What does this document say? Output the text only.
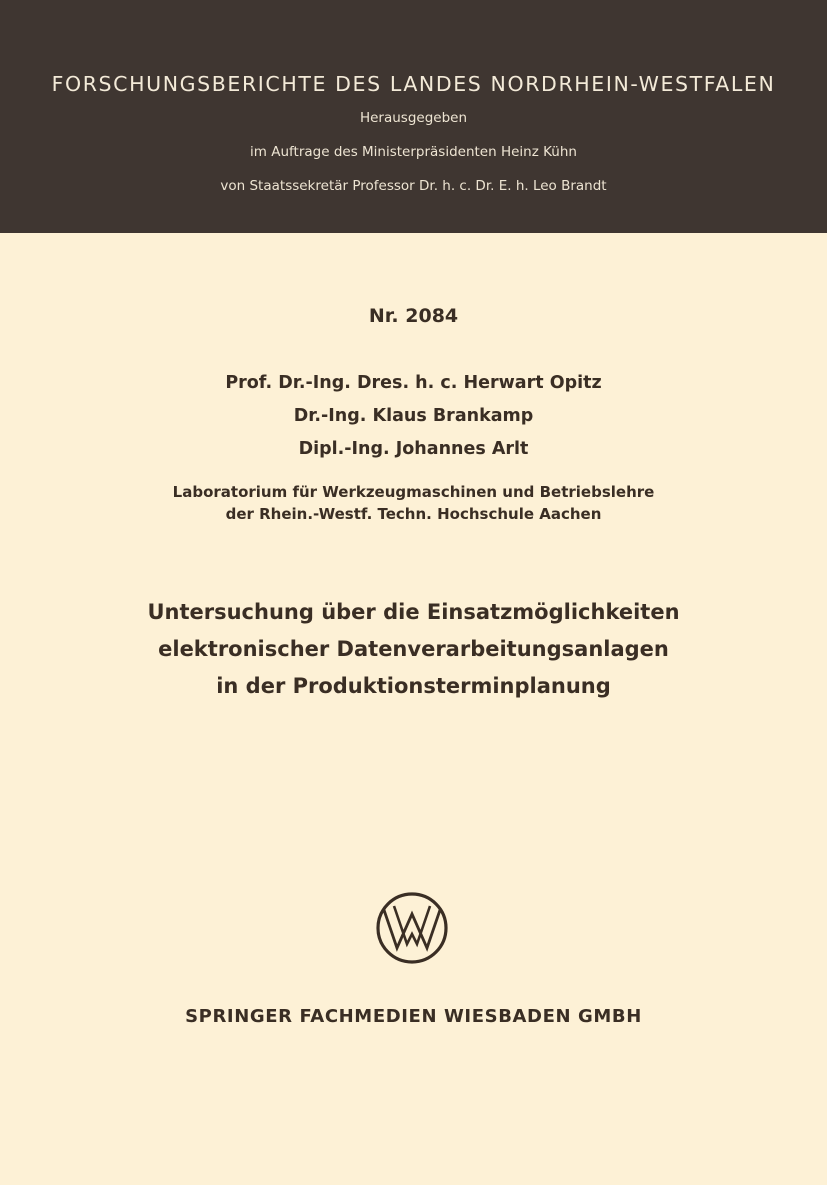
FORSCHUNGSBERICHTE DES LANDES NORDRHEIN-WESTFALEN
Herausgegeben
im Auftrage des Ministerpräsidenten Heinz Kühn
von Staatssekretär Professor Dr. h. c. Dr. E. h. Leo Brandt
Nr. 2084
Prof. Dr.-Ing. Dres. h. c. Herwart Opitz
Dr.-Ing. Klaus Brankamp
Dipl.-Ing. Johannes Arlt
Laboratorium für Werkzeugmaschinen und Betriebslehre
der Rhein.-Westf. Techn. Hochschule Aachen
Untersuchung über die Einsatzmöglichkeiten
elektronischer Datenverarbeitungsanlagen
in der Produktionsterminplanung
SPRINGER FACHMEDIEN WIESBADEN GMBH
